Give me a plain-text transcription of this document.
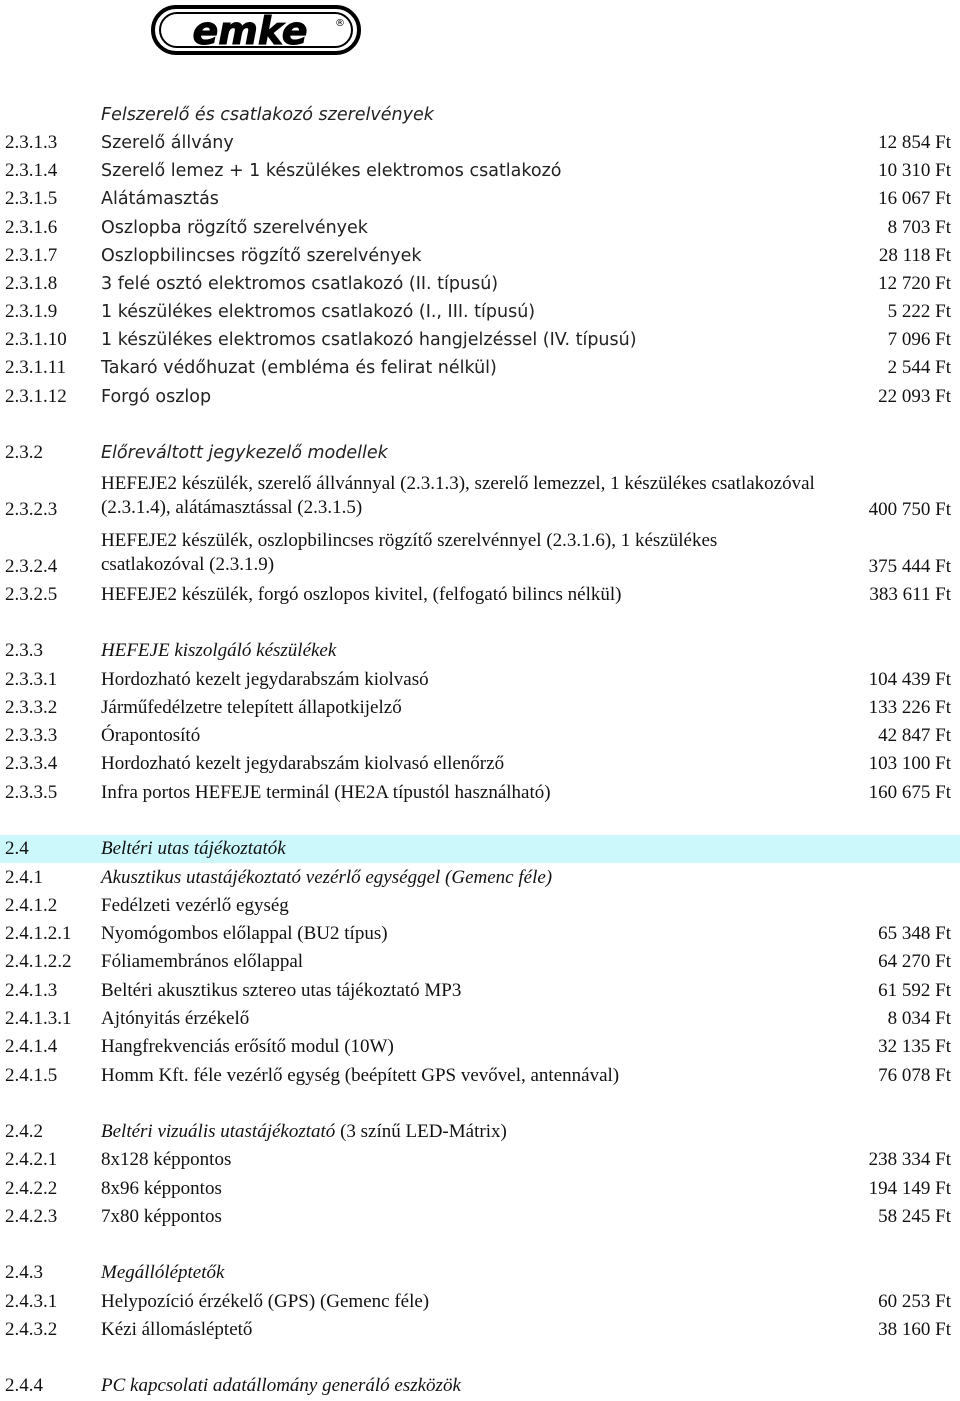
emke	®
Felszerelő és csatlakozó szerelvények
2.3.1.3	Szerelő állvány	12 854 Ft
2.3.1.4	Szerelő lemez + 1 készülékes elektromos csatlakozó	10 310 Ft
2.3.1.5	Alátámasztás	16 067 Ft
2.3.1.6	Oszlopba rögzítő szerelvények	8 703 Ft
2.3.1.7	Oszlopbilincses rögzítő szerelvények	28 118 Ft
2.3.1.8	3 felé osztó elektromos csatlakozó (II. típusú)	12 720 Ft
2.3.1.9	1 készülékes elektromos csatlakozó (I., III. típusú)	5 222 Ft
2.3.1.10 1 készülékes elektromos csatlakozó hangjelzéssel (IV. típusú)	7 096 Ft
2.3.1.11 Takaró védőhuzat (embléma és felirat nélkül)	2 544 Ft
2.3.1.12 Forgó oszlop	22 093 Ft
2.3.2	Előreváltott jegykezelő modellek
2.3.2.3
HEFEJE2 készülék, szerelő állvánnyal (2.3.1.3), szerelő lemezzel, 1 készülékes csatlakozóval (2.3.1.4), alátámasztással (2.3.1.5)	400 750 Ft
2.3.2.4
HEFEJE2 készülék, oszlopbilincses rögzítő szerelvénnyel (2.3.1.6), 1 készülékes csatlakozóval (2.3.1.9)	375 444 Ft
2.3.2.5 HEFEJE2 készülék, forgó oszlopos kivitel, (felfogató bilincs nélkül)	383 611 Ft
2.3.3	HEFEJE kiszolgáló készülékek
2.3.3.1 Hordozható kezelt jegydarabszám kiolvasó	104 439 Ft
2.3.3.2 Járműfedélzetre telepített állapotkijelző	133 226 Ft
2.3.3.3 Órapontosító	42 847 Ft
2.3.3.4 Hordozható kezelt jegydarabszám kiolvasó ellenőrző	103 100 Ft
2.3.3.5 Infra portos HEFEJE terminál (HE2A típustól használható)	160 675 Ft
2.4	Beltéri utas tájékoztatók
2.4.1	Akusztikus utastájékoztató vezérlő egységgel (Gemenc féle)
2.4.1.2 Fedélzeti vezérlő egység
2.4.1.2.1 Nyomógombos előlappal (BU2 típus)	65 348 Ft
2.4.1.2.2 Fóliamembrános előlappal	64 270 Ft
2.4.1.3 Beltéri akusztikus sztereo utas tájékoztató MP3	61 592 Ft
2.4.1.3.1 Ajtónyitás érzékelő	8 034 Ft
2.4.1.4 Hangfrekvenciás erősítő modul (10W)	32 135 Ft
2.4.1.5 Homm Kft. féle vezérlő egység (beépített GPS vevővel, antennával)	76 078 Ft
2.4.2	Beltéri vizuális utastájékoztató (3 színű LED-Mátrix)
2.4.2.1 8x128 képpontos	238 334 Ft
2.4.2.2 8x96 képpontos	194 149 Ft
2.4.2.3 7x80 képpontos	58 245 Ft
2.4.3	Megállóléptetők
2.4.3.1 Helypozíció érzékelő (GPS) (Gemenc féle)	60 253 Ft
2.4.3.2 Kézi állomásléptető	38 160 Ft
2.4.4	PC kapcsolati adatállomány generáló eszközök
